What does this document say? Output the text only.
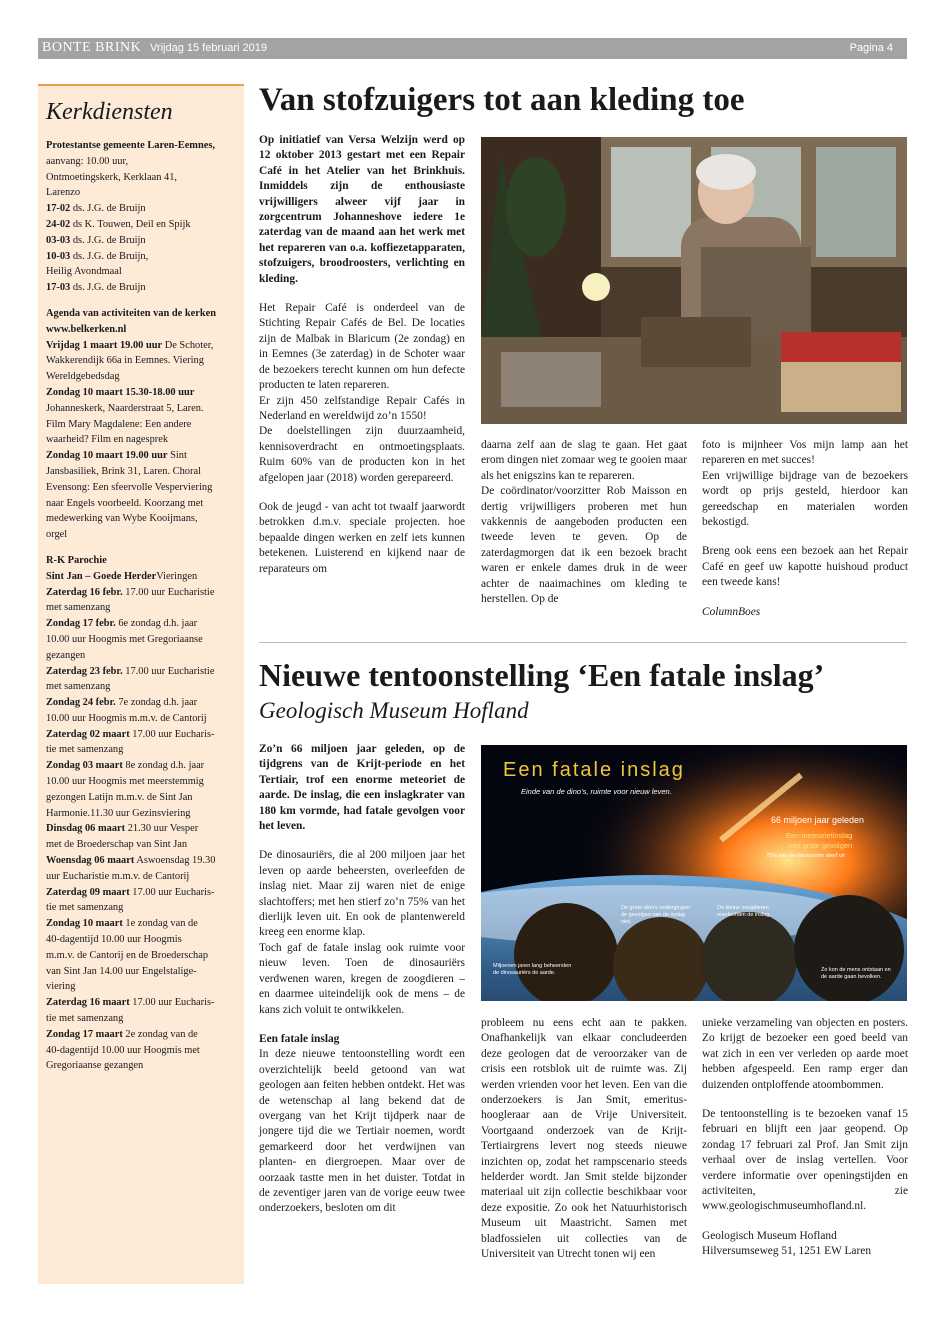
BONTE BRINK Vrijdag 15 februari 2019	Pagina 4
Kerkdiensten

Protestantse gemeente Laren-Eemnes,

aanvang: 10.00 uur,

Ontmoetingskerk, Kerklaan 41,

Larenzo

17-02 ds. J.G. de Bruijn

24-02 ds K. Touwen, Deil en Spijk

03-03 ds. J.G. de Bruijn

10-03 ds. J.G. de Bruijn,

Heilig Avondmaal

17-03 ds. J.G. de Bruijn

Agenda van activiteiten van de kerken

www.belkerken.nl

Vrijdag 1 maart 19.00 uur De Schoter,

Wakkerendijk 66a in Eemnes. Viering

Wereldgebedsdag

Zondag 10 maart 15.30-18.00 uur

Johanneskerk, Naarderstraat 5, Laren.

Film Mary Magdalene: Een andere

waarheid? Film en nagesprek

Zondag 10 maart 19.00 uur Sint

Jansbasiliek, Brink 31, Laren. Choral

Evensong: Een sfeervolle Vesperviering

naar Engels voorbeeld. Koorzang met

medewerking van Wybe Kooijmans,

orgel

R-K Parochie

Sint Jan – Goede HerderVieringen

Zaterdag 16 febr. 17.00 uur Eucharistie

met samenzang

Zondag 17 febr. 6e zondag d.h. jaar

10.00 uur Hoogmis met Gregoriaanse

gezangen

Zaterdag 23 febr. 17.00 uur Eucharistie

met samenzang

Zondag 24 febr. 7e zondag d.h. jaar

10.00 uur Hoogmis m.m.v. de Cantorij

Zaterdag 02 maart 17.00 uur Eucharis-

tie met samenzang

Zondag 03 maart 8e zondag d.h. jaar

10.00 uur Hoogmis met meerstemmig

gezongen Latijn m.m.v. de Sint Jan

Harmonie.11.30 uur Gezinsviering

Dinsdag 06 maart 21.30 uur Vesper

met de Broederschap van Sint Jan

Woensdag 06 maart Aswoensdag 19.30

uur Eucharistie m.m.v. de Cantorij

Zaterdag 09 maart 17.00 uur Eucharis-

tie met samenzang

Zondag 10 maart 1e zondag van de

40-dagentijd 10.00 uur Hoogmis

m.m.v. de Cantorij en de Broederschap

van Sint Jan 14.00 uur Engelstalige-

viering

Zaterdag 16 maart 17.00 uur Eucharis-

tie met samenzang

Zondag 17 maart 2e zondag van de

40-dagentijd 10.00 uur Hoogmis met

Gregoriaanse gezangen

Van stofzuigers tot aan kleding toe

Op initiatief van Versa Welzijn werd op 12 oktober 2013 gestart met een Repair Café in het Atelier van het Brinkhuis. Inmiddels zijn de enthousiaste vrijwilligers alweer vijf jaar in zorgcentrum Johanneshove iedere 1e zaterdag van de maand aan het werk met het repareren van o.a. koffiezetapparaten, stofzuigers, broodroosters, verlichting en kleding.

Het Repair Café is onderdeel van de Stichting Repair Cafés de Bel. De locaties zijn de Malbak in Blaricum (2e zondag) en in Eemnes (3e zaterdag) in de Schoter waar de bezoekers terecht kunnen om hun defecte producten te laten repareren.

Er zijn 450 zelfstandige Repair Cafés in Nederland en wereldwijd zo’n 1550!

De doelstellingen zijn duurzaamheid, kennisoverdracht en ontmoetingsplaats. Ruim 60% van de producten kon in het afgelopen jaar (2018) worden gerepareerd.

Ook de jeugd - van acht tot twaalf jaarwordt betrokken d.m.v. speciale projecten. hoe bepaalde dingen werken en zelf iets kunnen betekenen. Luisterend en kijkend naar de reparateurs om

daarna zelf aan de slag te gaan. Het gaat erom dingen niet zomaar weg te gooien maar als het enigszins kan te repareren.

De coördinator/voorzitter Rob Maisson en dertig vrijwilligers proberen met hun vakkennis de aangeboden producten een tweede leven te geven. Op de zaterdagmorgen dat ik een bezoek bracht waren er enkele dames druk in de weer achter de naaimachines om kleding te herstellen. Op de

foto is mijnheer Vos mijn lamp aan het repareren en met succes!

Een vrijwillige bijdrage van de bezoekers wordt op prijs gesteld, hierdoor kan gereedschap en materialen worden bekostigd.

Breng ook eens een bezoek aan het Repair Café en geef uw kapotte huishoud product een tweede kans!

ColumnBoes

Nieuwe tentoonstelling ‘Een fatale inslag’

Geologisch Museum Hofland

Zo’n 66 miljoen jaar geleden, op de tijdgrens van de Krijt-periode en het Tertiair, trof een enorme meteoriet de aarde. De inslag, die een inslagkrater van 180 km vormde, had fatale gevolgen voor het leven.

De dinosauriërs, die al 200 miljoen jaar het leven op aarde beheersten, overleefden de inslag niet. Maar zij waren niet de enige slachtoffers; met hen stierf zo’n 75% van het dierlijk leven uit. En ook de plantenwereld kreeg een enorme klap.

Toch gaf de fatale inslag ook ruimte voor nieuw leven. Toen de dinosauriërs verdwenen waren, kregen de zoogdieren – en daarmee uiteindelijk ook de mens – de kans zich voluit te ontwikkelen.

Een fatale inslag

In deze nieuwe tentoonstelling wordt een overzichtelijk beeld getoond van wat geologen aan feiten hebben ontdekt. Het was de wetenschap al lang bekend dat de overgang van het Krijt tijdperk naar de jongere tijd die we Tertiair noemen, wordt gemarkeerd door het verdwijnen van planten- en diergroepen. Maar over de oorzaak tastte men in het duister. Totdat in de zeventiger jaren van de vorige eeuw twee onderzoekers, besloten om dit

Een fatale inslag
Einde van de dino’s, ruimte voor nieuw leven.
66 miljoen jaar geleden
Een meteorietinslag
met grote gevolgen
75% van de diersoorten stierf uit
Miljoenen jaren lang beheersten de dinosauriërs de aarde.
De grote dino’s ondergingen de gevolgen van de inslag niet.
De kleine zoogdieren overleefden de inslag.
Zo kon de mens ontstaan en de aarde gaan bevolken.

probleem nu eens echt aan te pakken. Onafhankelijk van elkaar concludeerden deze geologen dat de veroorzaker van de crisis een rotsblok uit de ruimte was. Zij werden vrienden voor het leven. Een van die onderzoekers is Jan Smit, emeritus-hoogleraar aan de Vrije Universiteit. Voortgaand onderzoek van de Krijt-Tertiairgrens levert nog steeds nieuwe inzichten op, zodat het rampscenario steeds helderder wordt. Jan Smit stelde bijzonder materiaal uit zijn collectie beschikbaar voor deze expositie. Zo ook het Natuurhistorisch Museum uit Maastricht. Samen met bladfossielen uit collecties van de Universiteit van Utrecht tonen wij een

unieke verzameling van objecten en posters. Zo krijgt de bezoeker een goed beeld van wat zich in een ver verleden op aarde moet hebben afgespeeld. Een ramp erger dan duizenden ontploffende atoombommen.

De tentoonstelling is te bezoeken vanaf 15 februari en blijft een jaar geopend. Op zondag 17 februari zal Prof. Jan Smit zijn verhaal over de inslag vertellen. Voor verdere informatie over openingstijden en activiteiten, zie www.geologischmuseumhofland.nl.

Geologisch Museum Hofland

Hilversumseweg 51, 1251 EW Laren
